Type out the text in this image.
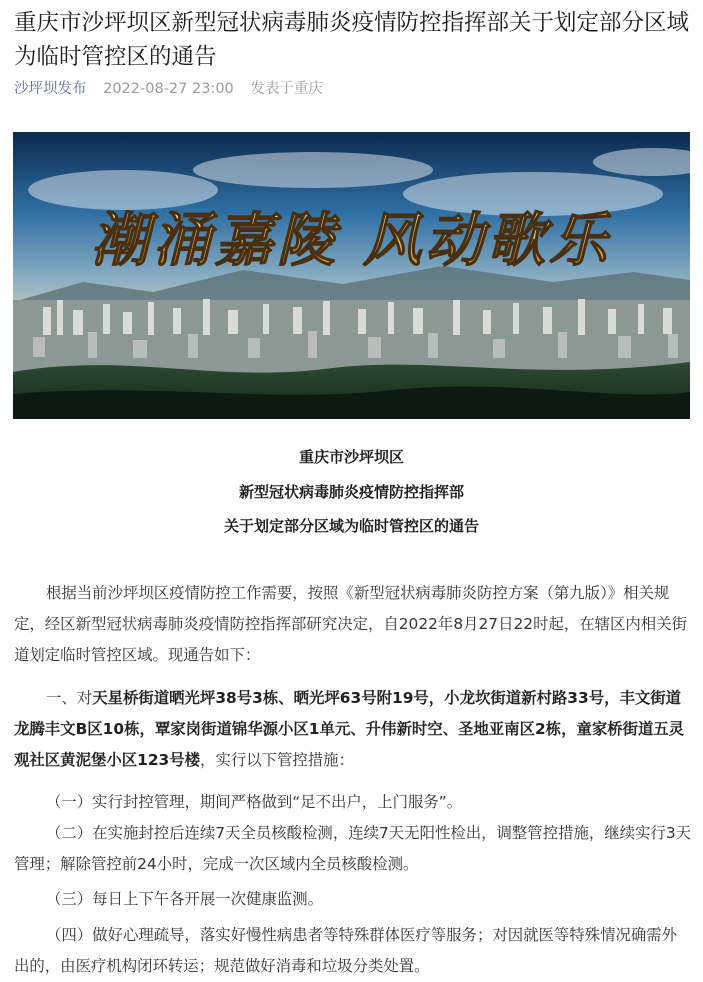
重庆市沙坪坝区新型冠状病毒肺炎疫情防控指挥部关于划定部分区域为临时管控区的通告
沙坪坝发布 2022-08-27 23:00 发表于重庆
潮涌嘉陵 风动歌乐
重庆市沙坪坝区
新型冠状病毒肺炎疫情防控指挥部
关于划定部分区域为临时管控区的通告

根据当前沙坪坝区疫情防控工作需要，按照《新型冠状病毒肺炎防控方案（第九版）》相关规定，经区新型冠状病毒肺炎疫情防控指挥部研究决定，自2022年8月27日22时起，在辖区内相关街道划定临时管控区域。现通告如下：

一、对天星桥街道晒光坪38号3栋、晒光坪63号附19号，小龙坎街道新村路33号，丰文街道龙腾丰文B区10栋，覃家岗街道锦华源小区1单元、升伟新时空、圣地亚南区2栋，童家桥街道五灵观社区黄泥堡小区123号楼，实行以下管控措施：

（一）实行封控管理，期间严格做到“足不出户，上门服务”。

（二）在实施封控后连续7天全员核酸检测，连续7天无阳性检出，调整管控措施，继续实行3天管理；解除管控前24小时，完成一次区域内全员核酸检测。

（三）每日上下午各开展一次健康监测。

（四）做好心理疏导，落实好慢性病患者等特殊群体医疗等服务；对因就医等特殊情况确需外出的，由医疗机构闭环转运；规范做好消毒和垃圾分类处置。
